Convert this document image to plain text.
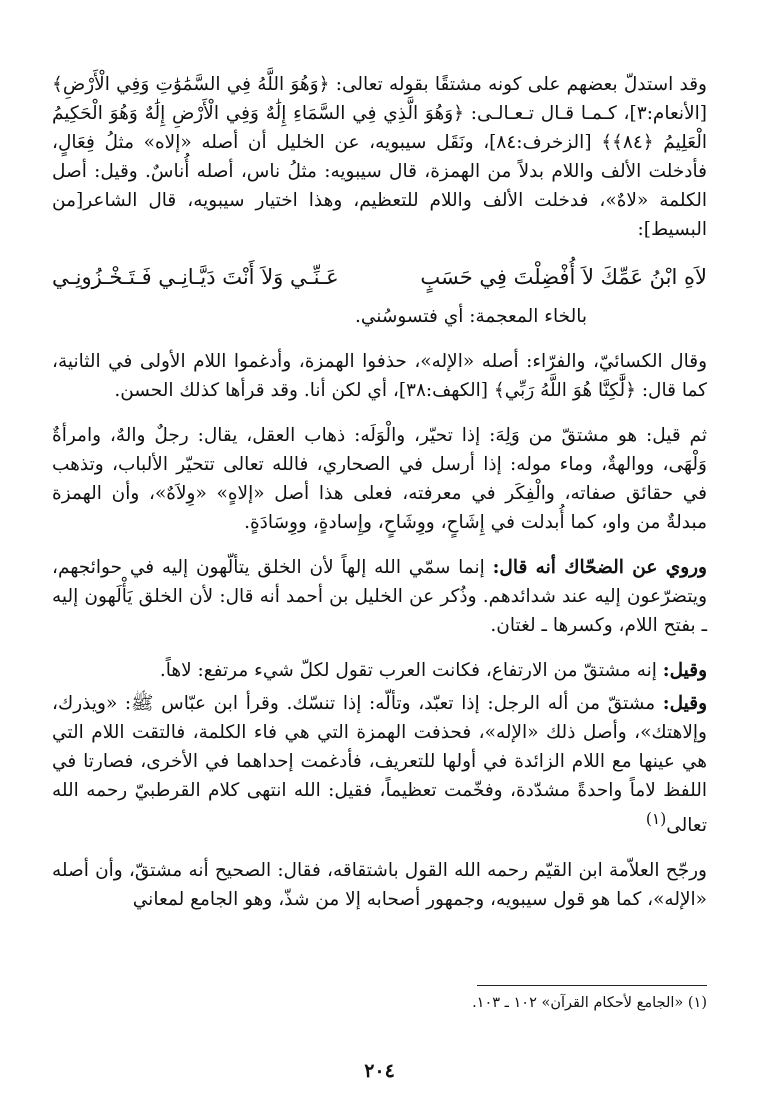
وقد استدلّ بعضهم على كونه مشتقًا بقوله تعالى: ﴿وَهُوَ اللَّهُ فِي السَّمَٰوَٰتِ وَفِي الْأَرْضِ﴾ [الأنعام:٣]، كـمـا قـال تـعـالـى: ﴿وَهُوَ الَّذِي فِي السَّمَاءِ إِلَٰهٌ وَفِي الْأَرْضِ إِلَٰهٌ وَهُوَ الْحَكِيمُ الْعَلِيمُ ﴿٨٤﴾﴾ [الزخرف:٨٤]، ونَقَل سيبويه، عن الخليل أن أصله «إلاه» مثلُ فِعَالٍ، فأدخلت الألف واللام بدلاً من الهمزة، قال سيبويه: مثلُ ناس، أصله أُناسٌ. وقيل: أصل الكلمة «لاهٌ»، فدخلت الألف واللام للتعظيم، وهذا اختيار سيبويه، قال الشاعر[من البسيط]:

لاَهِ ابْنُ عَمِّكَ لاَ أُفْضِلْتَ فِي حَسَبٍ
عَـنِّـي وَلاَ أَنْتَ دَيَّـانِـي فَـتَـخْـزُونِـي

بالخاء المعجمة: أي فتسوسُني.

وقال الكسائيّ، والفرّاء: أصله «الإله»، حذفوا الهمزة، وأدغموا اللام الأولى في الثانية، كما قال: ﴿لَّٰكِنَّا هُوَ اللَّهُ رَبِّي﴾ [الكهف:٣٨]، أي لكن أنا. وقد قرأها كذلك الحسن.

ثم قيل: هو مشتقّ من وَلِهَ: إذا تحيّر، والْوَلَه: ذهاب العقل، يقال: رجلٌ والهٌ، وامرأةٌ وَلْهَى، ووالهةٌ، وماء موله: إذا أرسل في الصحاري، فالله تعالى تتحيّر الألباب، وتذهب في حقائق صفاته، والْفِكَر في معرفته، فعلى هذا أصل «إلاهٍ» «وِلاَهٌ»، وأن الهمزة مبدلةٌ من واو، كما أُبدلت في إِشَاحٍ، ووِشَاحٍ، وإِسادةٍ، ووِسَادَةٍ.

وروي عن الضحّاك أنه قال: إنما سمّي الله إلهاً لأن الخلق يتألّهون إليه في حوائجهم، ويتضرّعون إليه عند شدائدهم. وذُكر عن الخليل بن أحمد أنه قال: لأن الخلق يَأْلَهون إليه ـ بفتح اللام، وكسرها ـ لغتان.

وقيل: إنه مشتقّ من الارتفاع، فكانت العرب تقول لكلّ شيء مرتفع: لاهاً.

وقيل: مشتقّ من أله الرجل: إذا تعبّد، وتألّه: إذا تنسّك. وقرأ ابن عبّاس ﷺ: «ويذرك، وإلاهتك»، وأصل ذلك «الإله»، فحذفت الهمزة التي هي فاء الكلمة، فالتقت اللام التي هي عينها مع اللام الزائدة في أولها للتعريف، فأدغمت إحداهما في الأخرى، فصارتا في اللفظ لاماً واحدةً مشدّدة، وفخّمت تعظيماً، فقيل: الله انتهى كلام القرطبيّ رحمه الله تعالى$^{(١)}$

ورجّح العلاّمة ابن القيّم رحمه الله القول باشتقاقه، فقال: الصحيح أنه مشتقّ، وأن أصله «الإله»، كما هو قول سيبويه، وجمهور أصحابه إلا من شذّ، وهو الجامع لمعاني

(١) «الجامع لأحكام القرآن» ١٠٢ ـ ١٠٣.
٢٠٤
